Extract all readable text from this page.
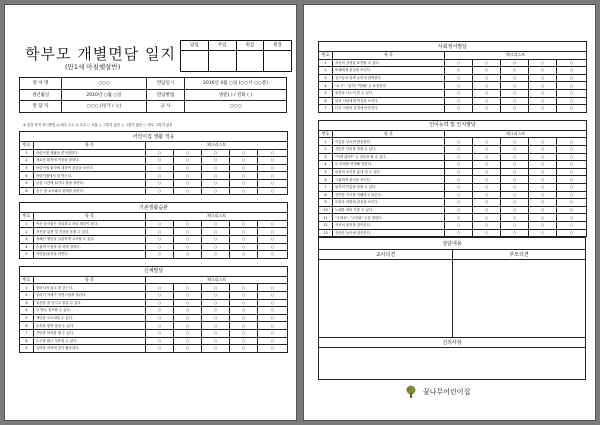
학부모 개별면담 일지
(만1세 아침햇살반)
담임	주임	원감	원장
영 아 명	○○○	면담일시	2016년 4월 ○일 (○○시 ○○분)
생년월일	2010년 ○월 ○일	면담방법	방문( ) / 전화 ( )
면 담 자	○○○ (母가 / 父)	교 사	○○○
※ 점검 항목 표시방법 ◎ 매우 우수 ◎ 우수 ○ 보통 △ 그렇지 않음 △ 그렇지 않음 ○ 매우 그렇지 않음
어린이집 생활 적응						
번호	항 목	체크리스트				
1	어린이집 생활을 즐거워한다.	○	○	○	○	○
2	새로운 환경에 적응을 잘한다.	○	○	○	○	○
3	어린이집 환경에 대하여 관심을 보인다.	○	○	○	○	○
4	어린이집에서 잘 먹는다.	○	○	○	○	○
5	낮잠 시간에 쉬거나 잘을 잘잔다.	○	○	○	○	○
6	친구 및 교사와의 관계를 잘한다.	○	○	○	○	○
기본생활습관						
번호	항 목	체크리스트				
1	먹은 음식물은 정리하고 자리 깨끗이 한다.	○	○	○	○	○
2	자신을 위생 및 건강을 돌볼 수 있다.	○	○	○	○	○
3	정해진 행동을 일관하게 유지할 수 있다.	○	○	○	○	○
4	손쉽게 이용을 잘 하며 말한다.	○	○	○	○	○
5	자연물/물건을 아낀다.	○	○	○	○	○
신체발달						
번호	항 목	체크리스트				
1	넘어지지 않고 잘 걷는다.	○	○	○	○	○
2	달리기 자세가 자연스럽게 걸린다.	○	○	○	○	○
3	물건을 잘 던지고 잡을 수 있다.	○	○	○	○	○
4	두 발로 점프할 수 있다.	○	○	○	○	○
5	계단을 오르내릴 수 있다.	○	○	○	○	○
6	블록을 쌓아 올릴 수 있다.	○	○	○	○	○
7	간단한 낙서를 할 수 있다.	○	○	○	○	○
8	도구를 잡고 사용할 수 있다.	○	○	○	○	○
9	유아용 의자에 앉아 활동한다.	○	○	○	○	○
사회정서발달						
번호	항 목	체크리스트				
1	자신의 감정을 표현할 수 있다.	○	○	○	○	○
2	또래에게 관심을 보인다.	○	○	○	○	○
3	친구들과 함께 놀이에 참여한다.	○	○	○	○	○
4	"요구", "싫다" "안돼" 등 표현한다.	○	○	○	○	○
5	물건을 나누어 쓸 수 있다.	○	○	○	○	○
6	낯선 사람에게 반응을 보인다.	○	○	○	○	○
7	다른 사람의 감정에 반응한다.	○	○	○	○	○
언어능력 및 인지발달						
번호	항 목	체크리스트				
1	이름을 부르면 반응한다.	○	○	○	○	○
2	간단한 단어를 말할 수 있다.	○	○	○	○	○
3	"이게 뭐야?" 등 질문을 할 수 있다.	○	○	○	○	○
4	두 단어를 연결해 말한다.	○	○	○	○	○
5	동물의 소리를 흉내 낼 수 있다.	○	○	○	○	○
6	그림책에 관심을 보인다.	○	○	○	○	○
7	물건의 이름을 말할 수 있다.	○	○	○	○	○
8	간단한 지시를 이해하고 따른다.	○	○	○	○	○
9	모양과 색깔에 관심을 보인다.	○	○	○	○	○
10	노래를 따라 부를 수 있다.	○	○	○	○	○
11	"주세요", "고마워" 등을 말한다.	○	○	○	○	○
12	자신의 물건을 알아본다.	○	○	○	○	○
13	간단한 놀이에 집중한다.	○	○	○	○	○
상담내용	
교사의견	부모의견

건의사항	

꿈나무어린이집
